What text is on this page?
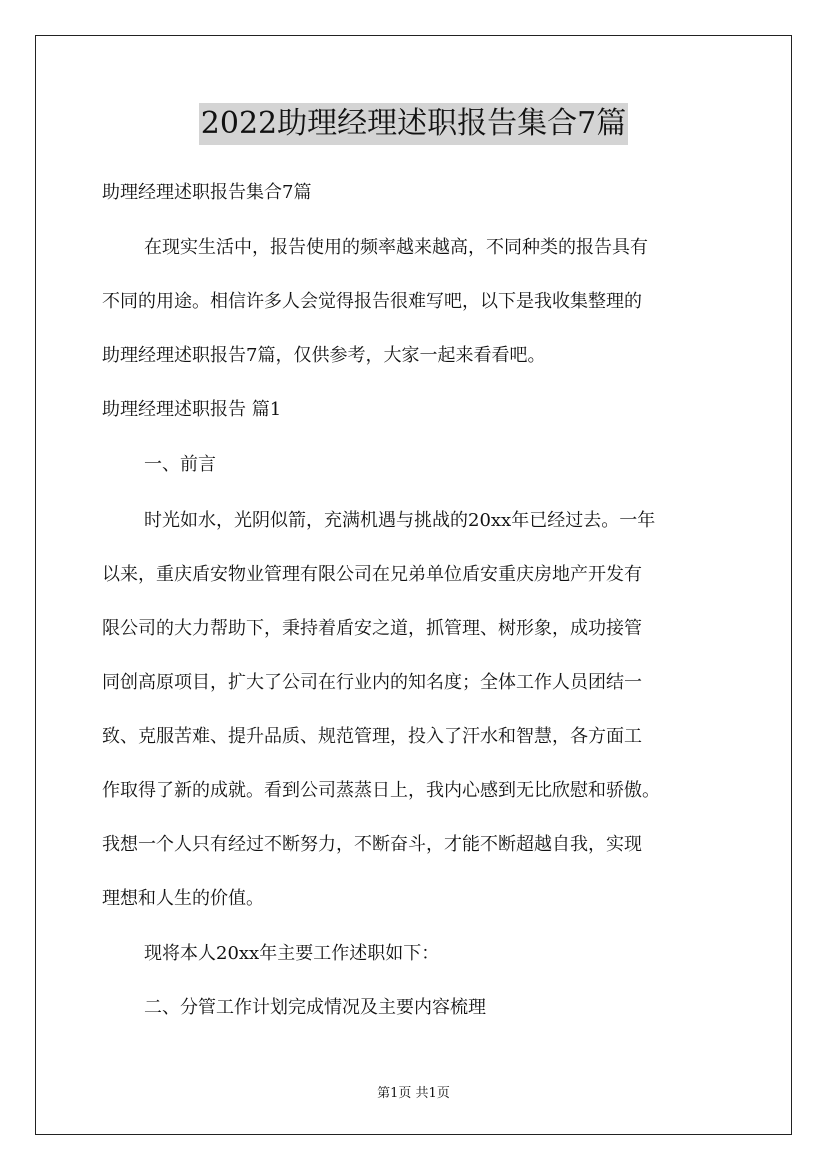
2022助理经理述职报告集合7篇
助理经理述职报告集合7篇
在现实生活中，报告使用的频率越来越高，不同种类的报告具有
不同的用途。相信许多人会觉得报告很难写吧，以下是我收集整理的
助理经理述职报告7篇，仅供参考，大家一起来看看吧。
助理经理述职报告 篇1
一、前言
时光如水，光阴似箭，充满机遇与挑战的20xx年已经过去。一年
以来，重庆盾安物业管理有限公司在兄弟单位盾安重庆房地产开发有
限公司的大力帮助下，秉持着盾安之道，抓管理、树形象，成功接管
同创高原项目，扩大了公司在行业内的知名度；全体工作人员团结一
致、克服苦难、提升品质、规范管理，投入了汗水和智慧，各方面工
作取得了新的成就。看到公司蒸蒸日上，我内心感到无比欣慰和骄傲。
我想一个人只有经过不断努力，不断奋斗，才能不断超越自我，实现
理想和人生的价值。
现将本人20xx年主要工作述职如下：
二、分管工作计划完成情况及主要内容梳理
第1页 共1页
